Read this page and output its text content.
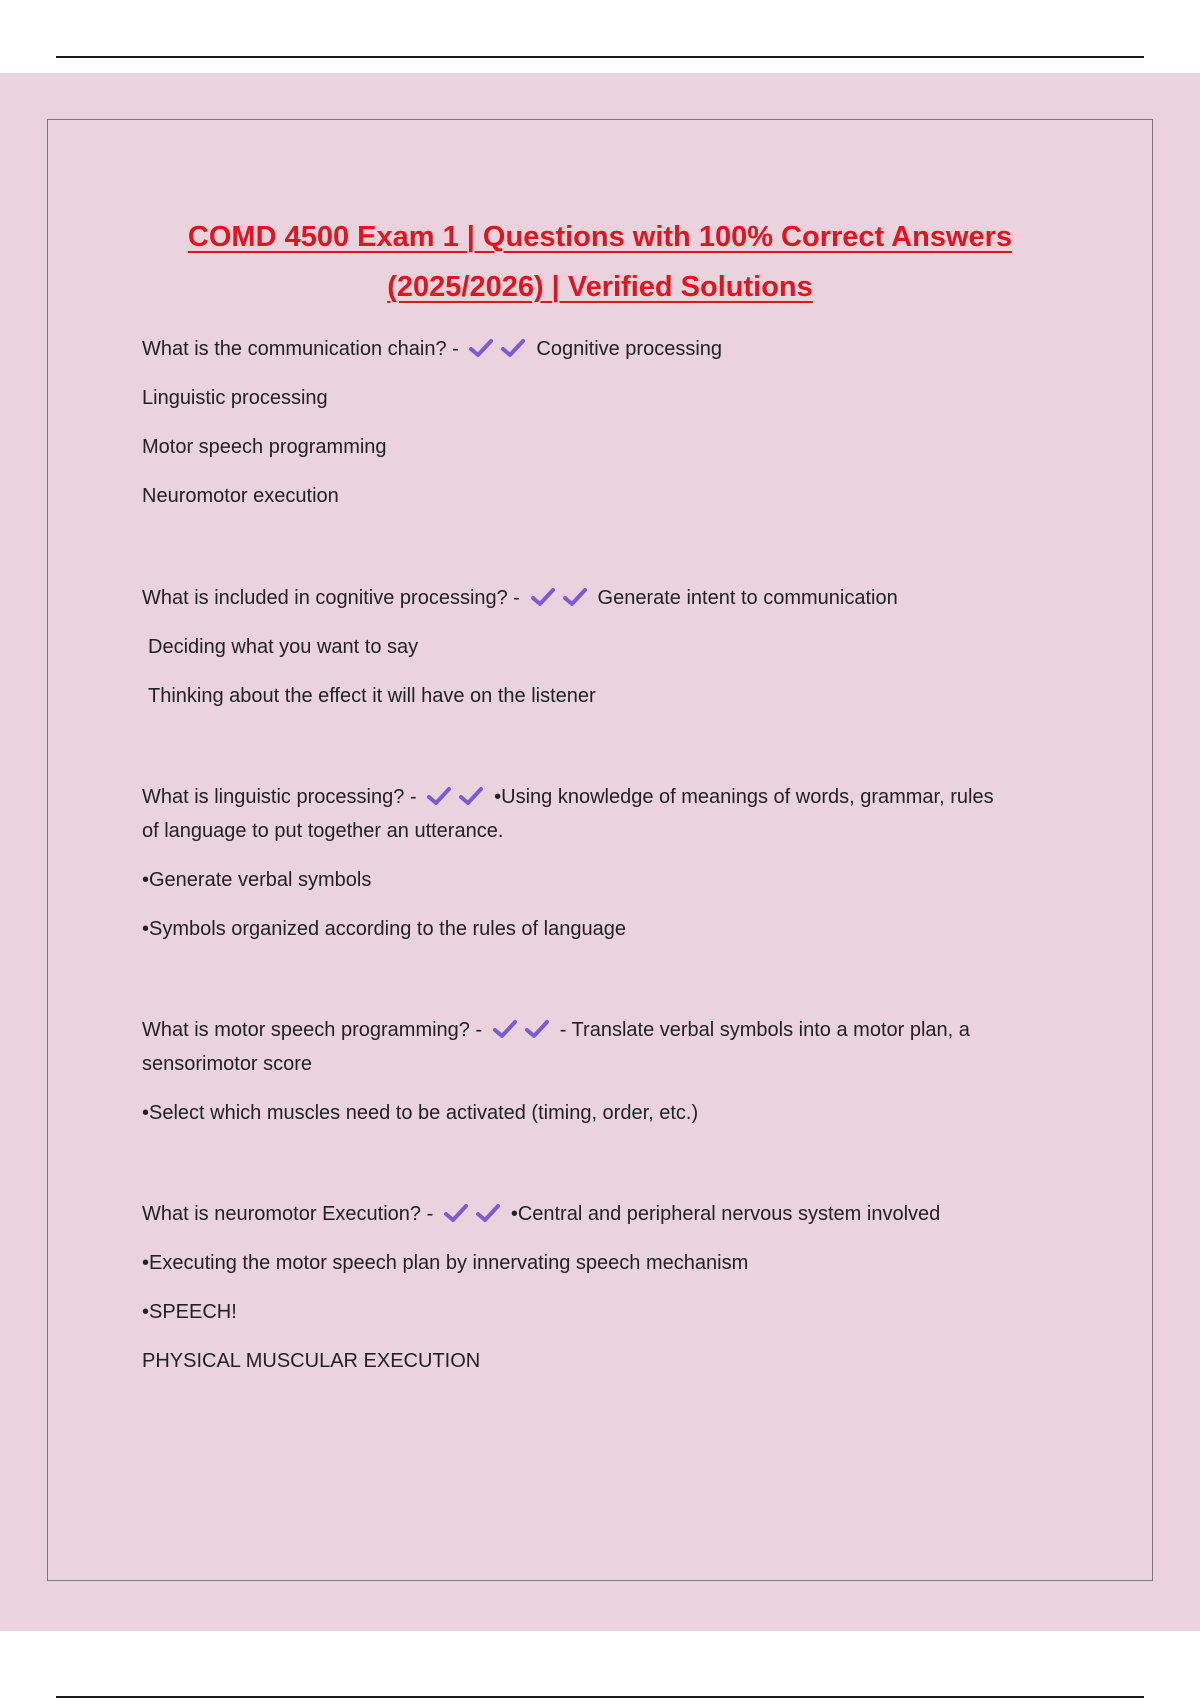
COMD 4500 Exam 1 | Questions with 100% Correct Answers
(2025/2026) | Verified Solutions
What is the communication chain? -	Cognitive processing
Linguistic processing
Motor speech programming
Neuromotor execution
What is included in cognitive processing? -	Generate intent to communication
Deciding what you want to say
Thinking about the effect it will have on the listener
What is linguistic processing? -	•Using knowledge of meanings of words, grammar, rules
of language to put together an utterance.
•Generate verbal symbols
•Symbols organized according to the rules of language
What is motor speech programming? -	- Translate verbal symbols into a motor plan, a
sensorimotor score
•Select which muscles need to be activated (timing, order, etc.)
What is neuromotor Execution? -	•Central and peripheral nervous system involved
•Executing the motor speech plan by innervating speech mechanism
•SPEECH!
PHYSICAL MUSCULAR EXECUTION
